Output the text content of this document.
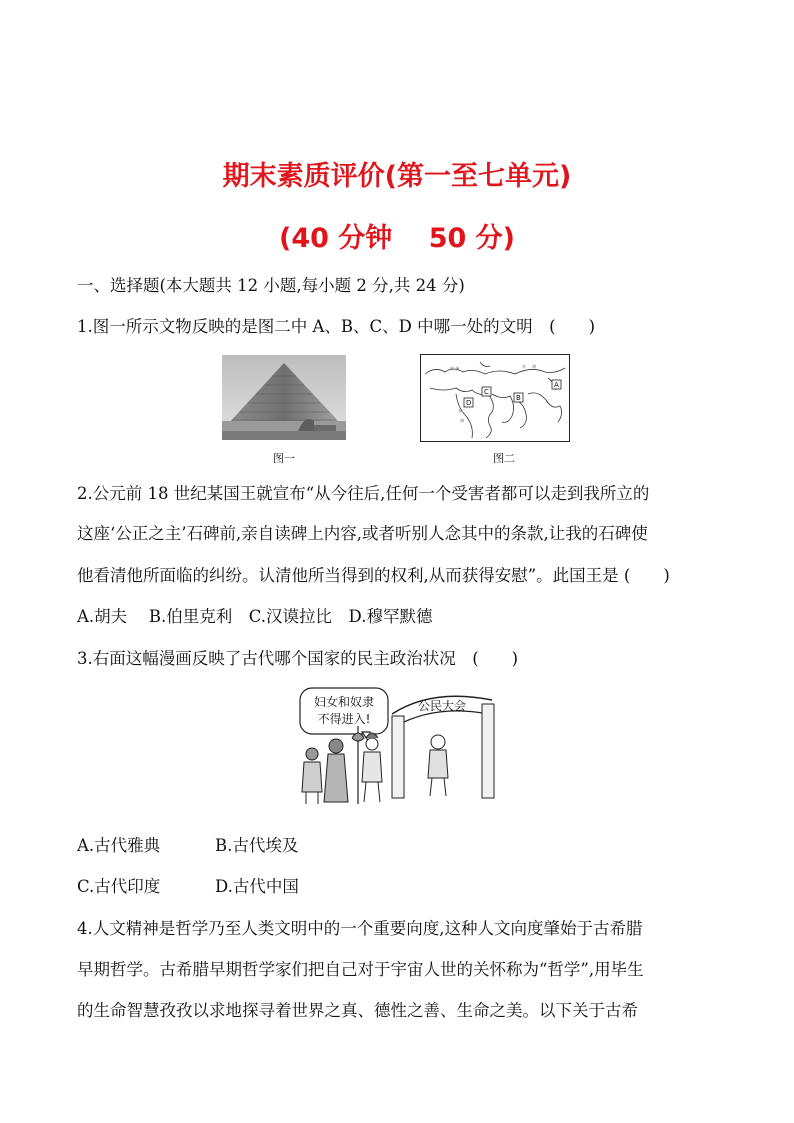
期末素质评价(第一至七单元)
(40 分钟　 50 分)
一、选择题(本大题共 12 小题,每小题 2 分,共 24 分)
1.图一所示文物反映的是图二中 A、B、C、D 中哪一处的文明　(　　)
图一
欧 洲	亚 洲
非
洲
A
B
C
D
图二
2.公元前 18 世纪某国王就宣布“从今往后,任何一个受害者都可以走到我所立的
这座‘公正之主’石碑前,亲自读碑上内容,或者听别人念其中的条款,让我的石碑使
他看清他所面临的纠纷。认清他所当得到的权利,从而获得安慰”。此国王是 (　　)
A.胡夫　 B.伯里克利　C.汉谟拉比　D.穆罕默德
3.右面这幅漫画反映了古代哪个国家的民主政治状况　(　　)
妇女和奴隶
不得进入!
公民大会
A.古代雅典	B.古代埃及
C.古代印度	D.古代中国
4.人文精神是哲学乃至人类文明中的一个重要向度,这种人文向度肇始于古希腊
早期哲学。古希腊早期哲学家们把自己对于宇宙人世的关怀称为“哲学”,用毕生
的生命智慧孜孜以求地探寻着世界之真、德性之善、生命之美。以下关于古希
